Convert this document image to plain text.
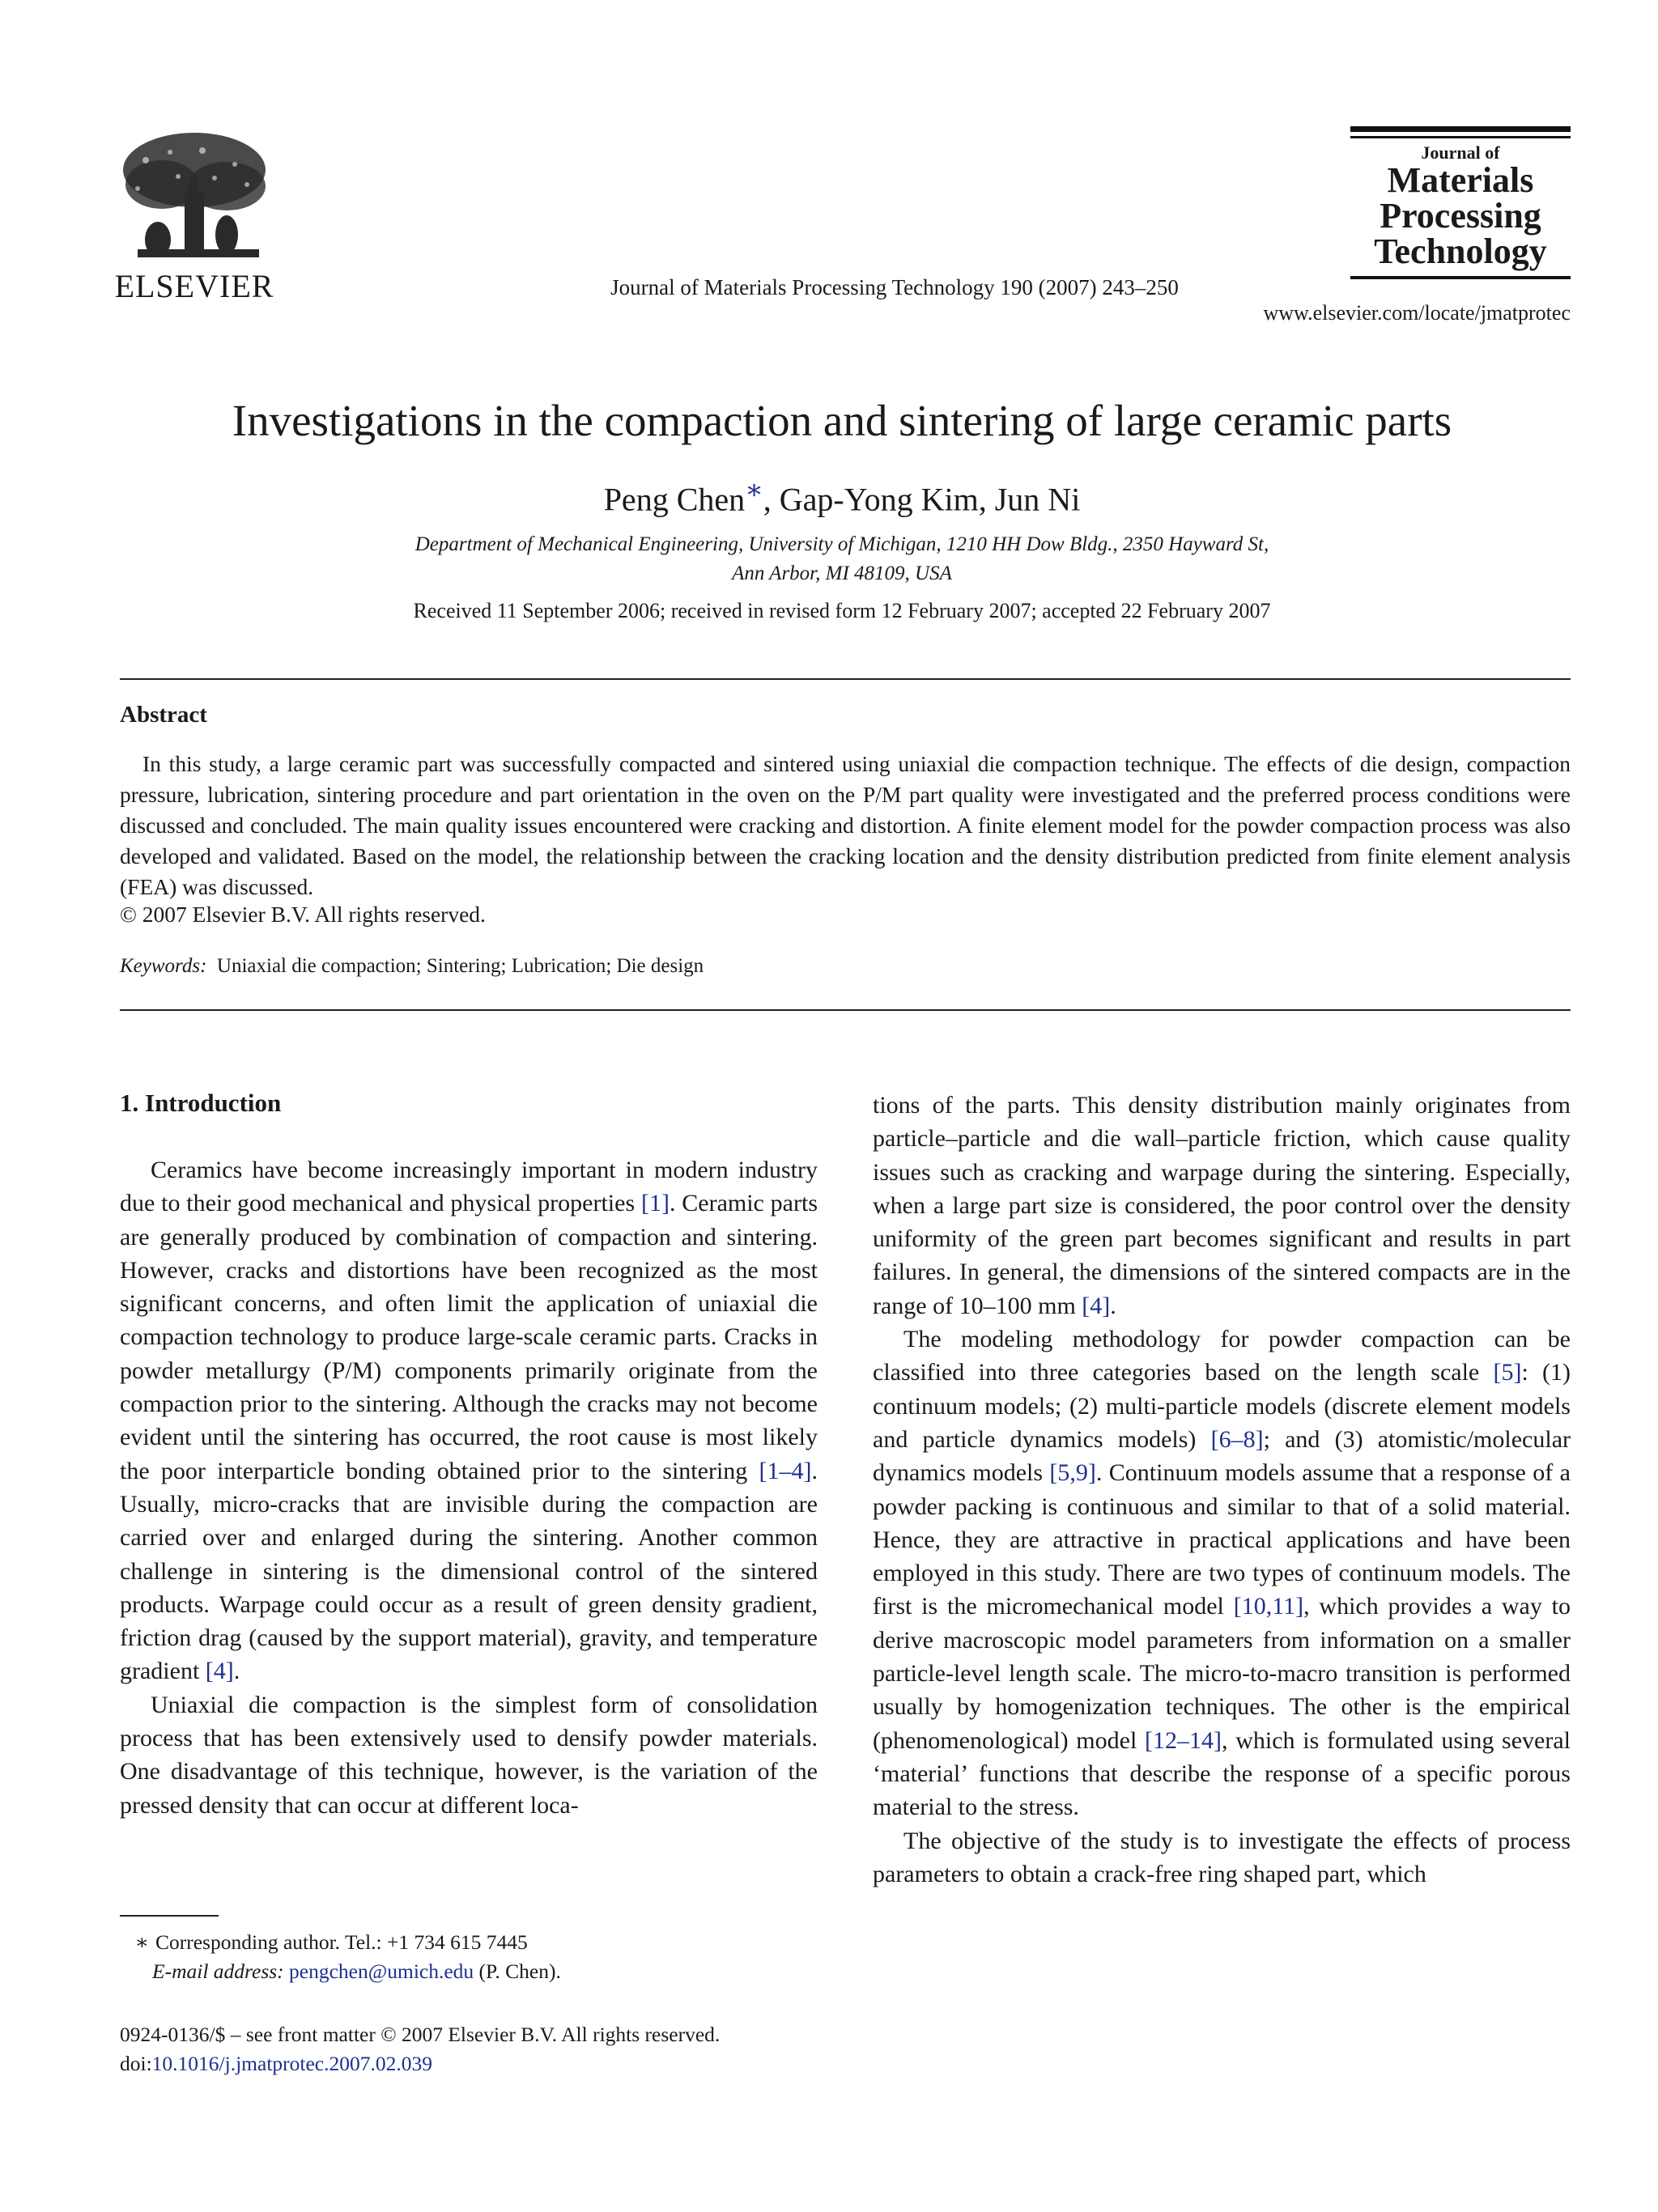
ELSEVIER	Journal of Materials Processing Technology 190 (2007) 243–250
Journal of
Materials
Processing
Technology
www.elsevier.com/locate/jmatprotec
Investigations in the compaction and sintering of large ceramic parts
Peng Chen∗, Gap-Yong Kim, Jun Ni
Department of Mechanical Engineering, University of Michigan, 1210 HH Dow Bldg., 2350 Hayward St,
Ann Arbor, MI 48109, USA
Received 11 September 2006; received in revised form 12 February 2007; accepted 22 February 2007
Abstract
In this study, a large ceramic part was successfully compacted and sintered using uniaxial die compaction technique. The effects of die design, compaction pressure, lubrication, sintering procedure and part orientation in the oven on the P/M part quality were investigated and the preferred process conditions were discussed and concluded. The main quality issues encountered were cracking and distortion. A finite element model for the powder compaction process was also developed and validated. Based on the model, the relationship between the cracking location and the density distribution predicted from finite element analysis (FEA) was discussed.
© 2007 Elsevier B.V. All rights reserved.
Keywords: Uniaxial die compaction; Sintering; Lubrication; Die design
1. Introduction

Ceramics have become increasingly important in modern industry due to their good mechanical and physical properties [1]. Ceramic parts are generally produced by combination of compaction and sintering. However, cracks and distortions have been recognized as the most significant concerns, and often limit the application of uniaxial die compaction technology to produce large-scale ceramic parts. Cracks in powder metallurgy (P/M) components primarily originate from the compaction prior to the sintering. Although the cracks may not become evident until the sintering has occurred, the root cause is most likely the poor interparticle bonding obtained prior to the sintering [1–4]. Usually, micro-cracks that are invisible during the compaction are carried over and enlarged during the sintering. Another common challenge in sintering is the dimensional control of the sintered products. Warpage could occur as a result of green density gradient, friction drag (caused by the support material), gravity, and temperature gradient [4].

Uniaxial die compaction is the simplest form of consolidation process that has been extensively used to densify powder materials. One disadvantage of this technique, however, is the variation of the pressed density that can occur at different loca-

tions of the parts. This density distribution mainly originates from particle–particle and die wall–particle friction, which cause quality issues such as cracking and warpage during the sintering. Especially, when a large part size is considered, the poor control over the density uniformity of the green part becomes significant and results in part failures. In general, the dimensions of the sintered compacts are in the range of 10–100 mm [4].

The modeling methodology for powder compaction can be classified into three categories based on the length scale [5]: (1) continuum models; (2) multi-particle models (discrete element models and particle dynamics models) [6–8]; and (3) atomistic/molecular dynamics models [5,9]. Continuum models assume that a response of a powder packing is continuous and similar to that of a solid material. Hence, they are attractive in practical applications and have been employed in this study. There are two types of continuum models. The first is the micromechanical model [10,11], which provides a way to derive macroscopic model parameters from information on a smaller particle-level length scale. The micro-to-macro transition is performed usually by homogenization techniques. The other is the empirical (phenomenological) model [12–14], which is formulated using several ‘material’ functions that describe the response of a specific porous material to the stress.

The objective of the study is to investigate the effects of process parameters to obtain a crack-free ring shaped part, which

∗ Corresponding author. Tel.: +1 734 615 7445
E-mail address: pengchen@umich.edu (P. Chen).
0924-0136/$ – see front matter © 2007 Elsevier B.V. All rights reserved.
doi:10.1016/j.jmatprotec.2007.02.039
